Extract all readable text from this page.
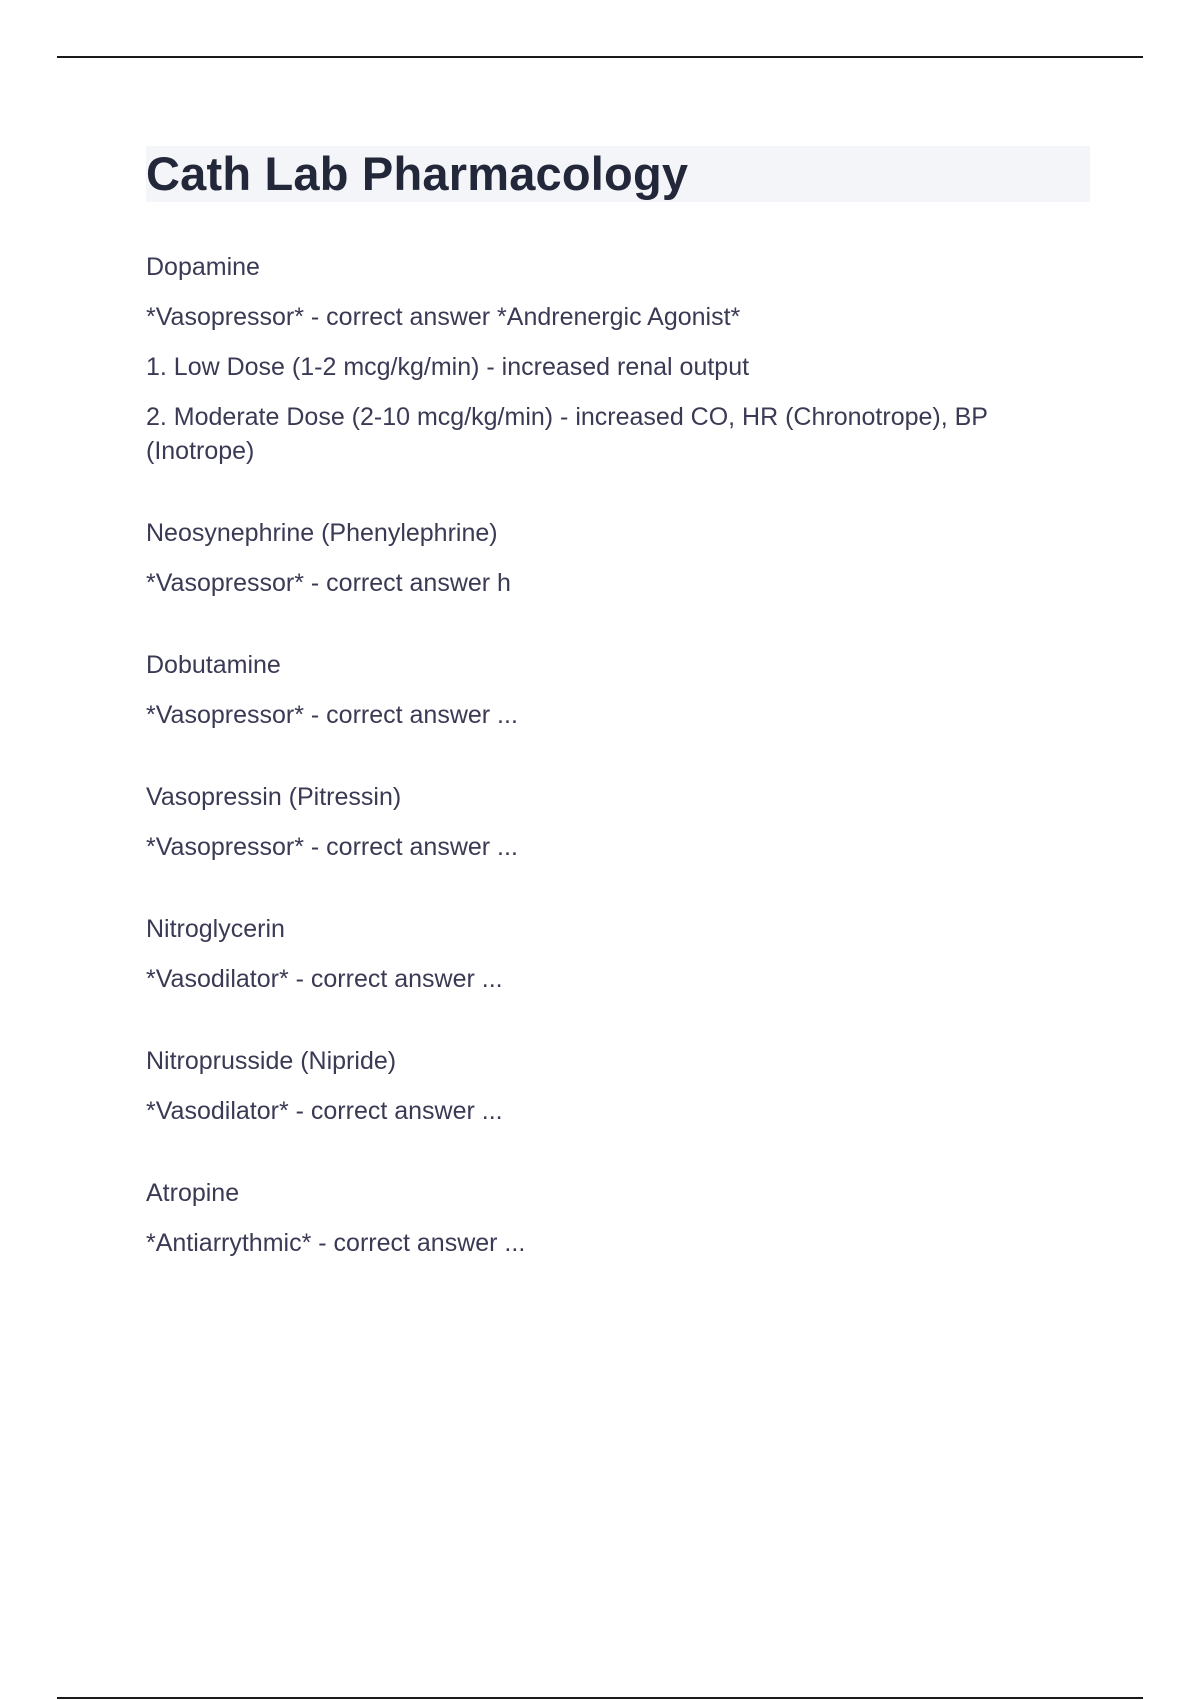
Cath Lab Pharmacology

Dopamine

*Vasopressor* - correct answer *Andrenergic Agonist*

1. Low Dose (1-2 mcg/kg/min) - increased renal output

2. Moderate Dose (2-10 mcg/kg/min) - increased CO, HR (Chronotrope), BP (Inotrope)

Neosynephrine (Phenylephrine)

*Vasopressor* - correct answer h

Dobutamine

*Vasopressor* - correct answer ...

Vasopressin (Pitressin)

*Vasopressor* - correct answer ...

Nitroglycerin

*Vasodilator* - correct answer ...

Nitroprusside (Nipride)

*Vasodilator* - correct answer ...

Atropine

*Antiarrythmic* - correct answer ...
